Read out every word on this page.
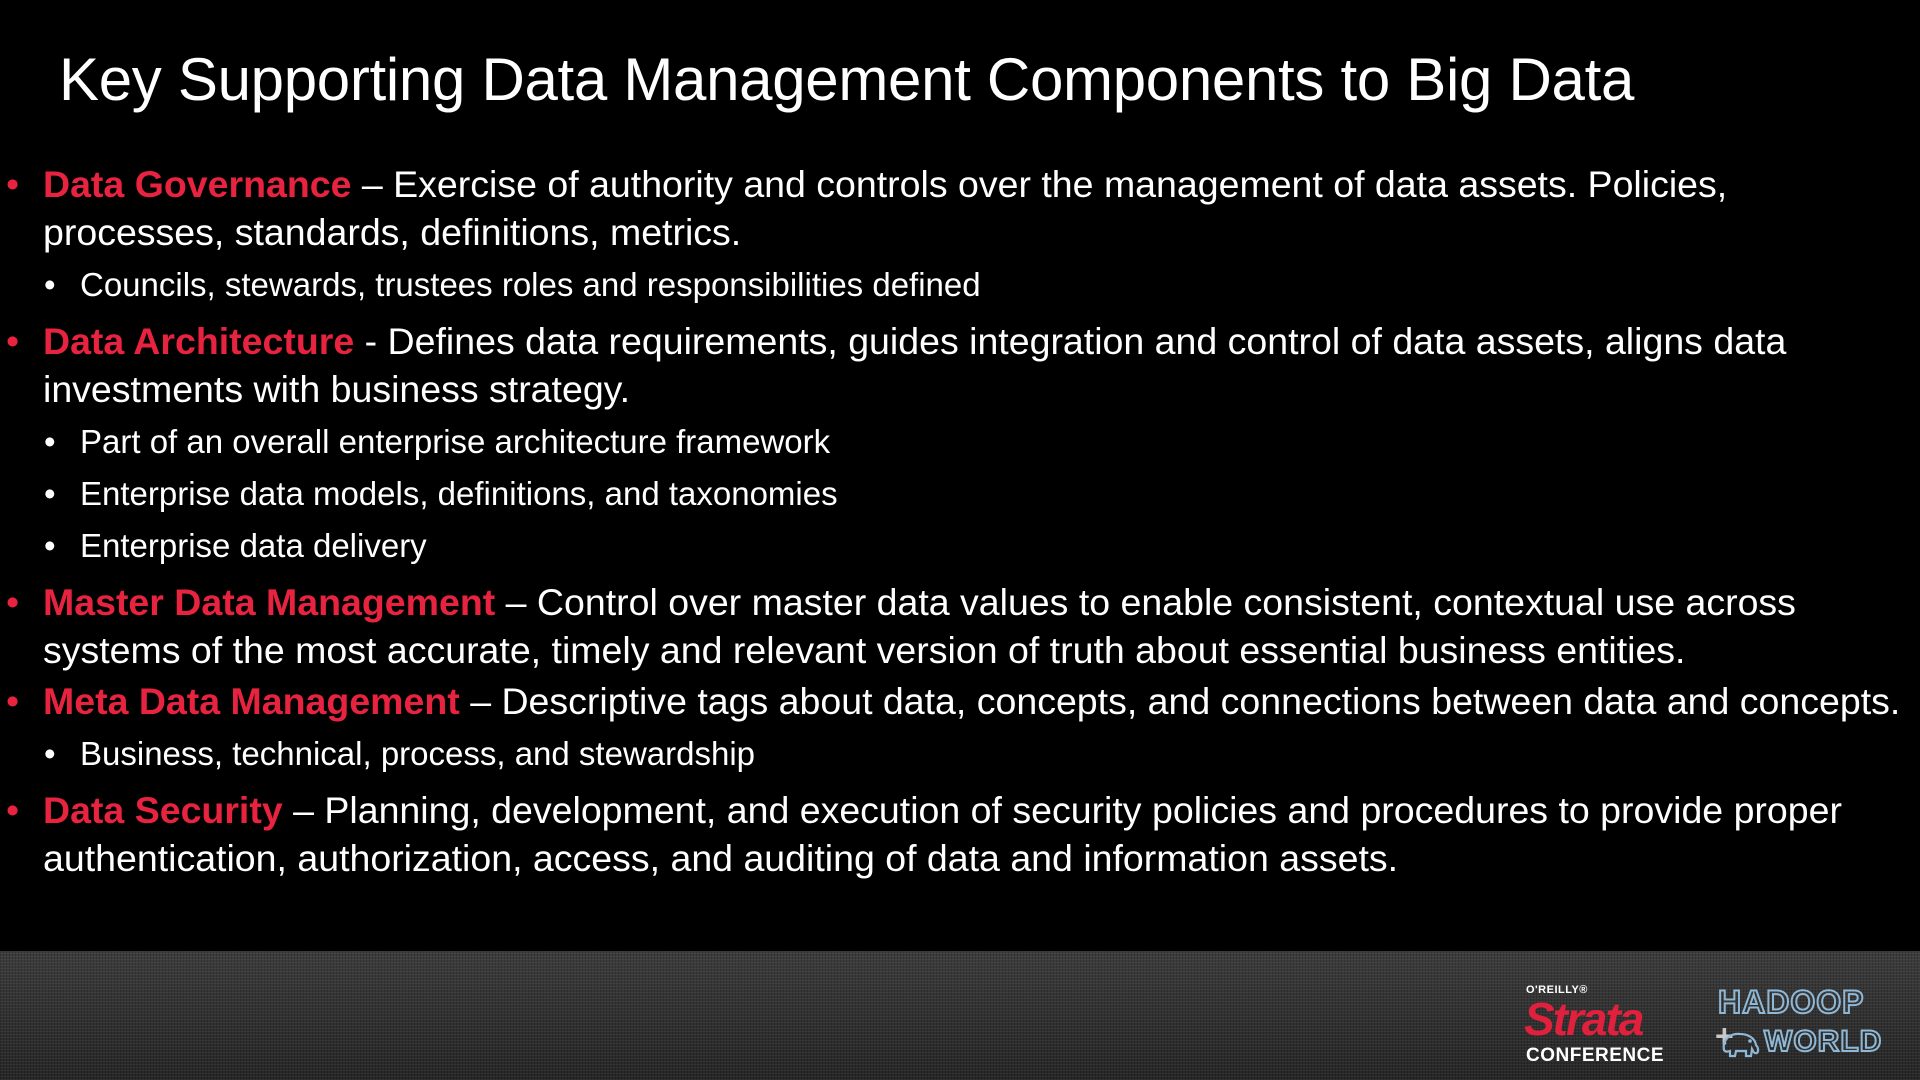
Key Supporting Data Management Components to Big Data
• Data Governance – Exercise of authority and controls over the management of data assets. Policies, processes, standards, definitions, metrics.
• Councils, stewards, trustees roles and responsibilities defined
• Data Architecture - Defines data requirements, guides integration and control of data assets, aligns data investments with business strategy.
• Part of an overall enterprise architecture framework
• Enterprise data models, definitions, and taxonomies
• Enterprise data delivery
• Master Data Management – Control over master data values to enable consistent, contextual use across systems of the most accurate, timely and relevant version of truth about essential business entities.
• Meta Data Management – Descriptive tags about data, concepts, and connections between data and concepts.
• Business, technical, process, and stewardship
• Data Security – Planning, development, and execution of security policies and procedures to provide proper authentication, authorization, access, and auditing of data and information assets.
O'REILLY®
Strata
CONFERENCE
+
HADOOP
WORLD
